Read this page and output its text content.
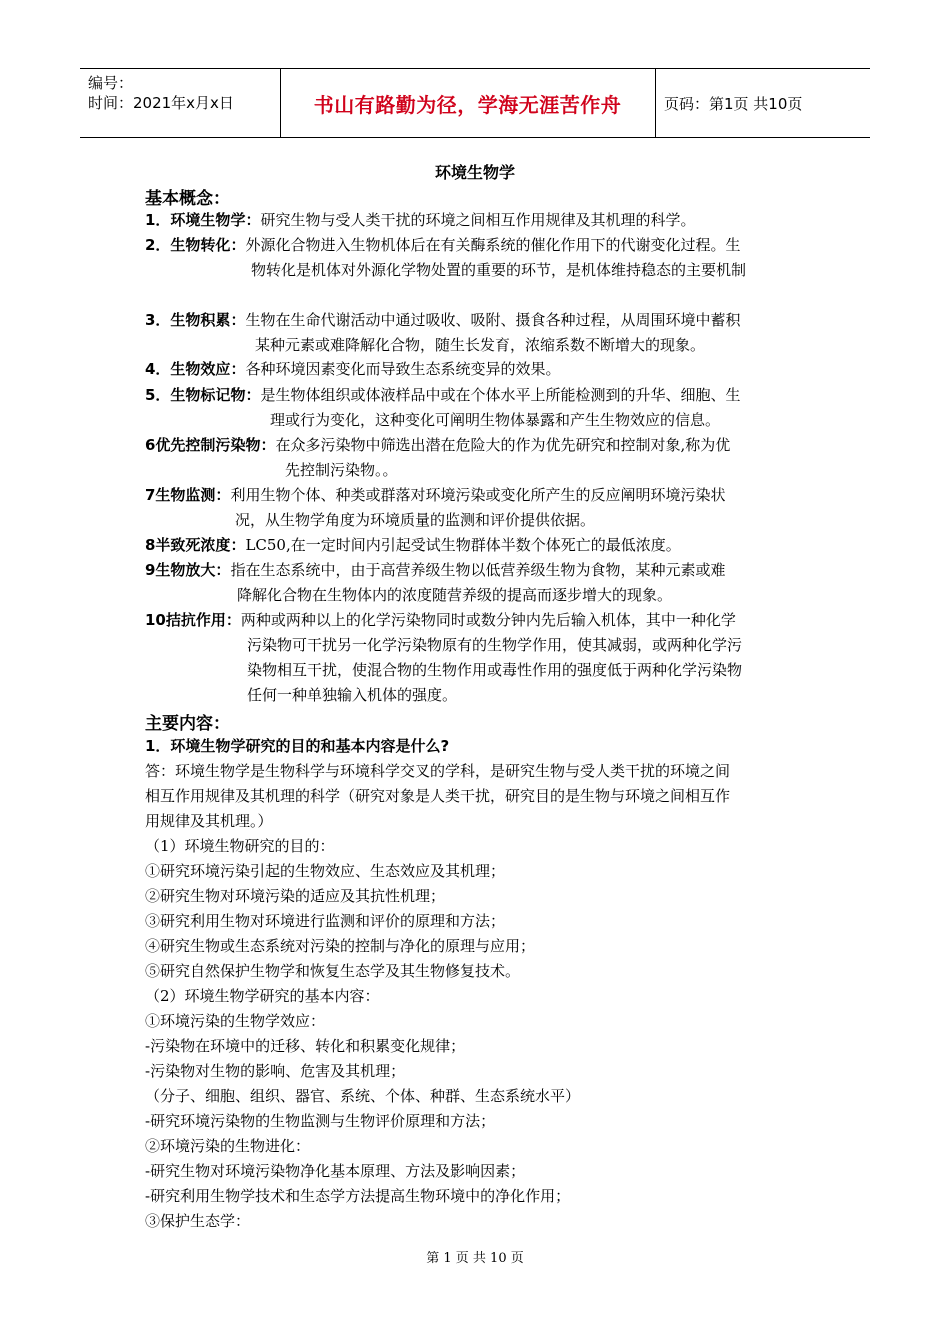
编号：
时间：2021年x月x日	书山有路勤为径，学海无涯苦作舟	页码：第1页 共10页
环境生物学
基本概念：
1．环境生物学：研究生物与受人类干扰的环境之间相互作用规律及其机理的科学。
2．生物转化：外源化合物进入生物机体后在有关酶系统的催化作用下的代谢变化过程。生
物转化是机体对外源化学物处置的重要的环节，是机体维持稳态的主要机制
3．生物积累：生物在生命代谢活动中通过吸收、吸附、摄食各种过程，从周围环境中蓄积
某种元素或难降解化合物，随生长发育，浓缩系数不断增大的现象。
4．生物效应：各种环境因素变化而导致生态系统变异的效果。
5．生物标记物：是生物体组织或体液样品中或在个体水平上所能检测到的升华、细胞、生
理或行为变化，这种变化可阐明生物体暴露和产生生物效应的信息。
6优先控制污染物：在众多污染物中筛选出潜在危险大的作为优先研究和控制对象,称为优
先控制污染物。。
7生物监测：利用生物个体、种类或群落对环境污染或变化所产生的反应阐明环境污染状
况，从生物学角度为环境质量的监测和评价提供依据。
8半致死浓度：LC50,在一定时间内引起受试生物群体半数个体死亡的最低浓度。
9生物放大：指在生态系统中，由于高营养级生物以低营养级生物为食物，某种元素或难
降解化合物在生物体内的浓度随营养级的提高而逐步增大的现象。
10拮抗作用：两种或两种以上的化学污染物同时或数分钟内先后输入机体，其中一种化学
污染物可干扰另一化学污染物原有的生物学作用，使其减弱，或两种化学污
染物相互干扰，使混合物的生物作用或毒性作用的强度低于两种化学污染物
任何一种单独输入机体的强度。
主要内容：
1．环境生物学研究的目的和基本内容是什么?
答：环境生物学是生物科学与环境科学交叉的学科，是研究生物与受人类干扰的环境之间
相互作用规律及其机理的科学（研究对象是人类干扰，研究目的是生物与环境之间相互作
用规律及其机理。）
（1）环境生物研究的目的：
①研究环境污染引起的生物效应、生态效应及其机理；
②研究生物对环境污染的适应及其抗性机理；
③研究利用生物对环境进行监测和评价的原理和方法；
④研究生物或生态系统对污染的控制与净化的原理与应用；
⑤研究自然保护生物学和恢复生态学及其生物修复技术。
（2）环境生物学研究的基本内容：
①环境污染的生物学效应：
-污染物在环境中的迁移、转化和积累变化规律；
-污染物对生物的影响、危害及其机理；
（分子、细胞、组织、器官、系统、个体、种群、生态系统水平）
-研究环境污染物的生物监测与生物评价原理和方法；
②环境污染的生物进化：
-研究生物对环境污染物净化基本原理、方法及影响因素；
-研究利用生物学技术和生态学方法提高生物环境中的净化作用；
③保护生态学：
第 1 页 共 10 页
